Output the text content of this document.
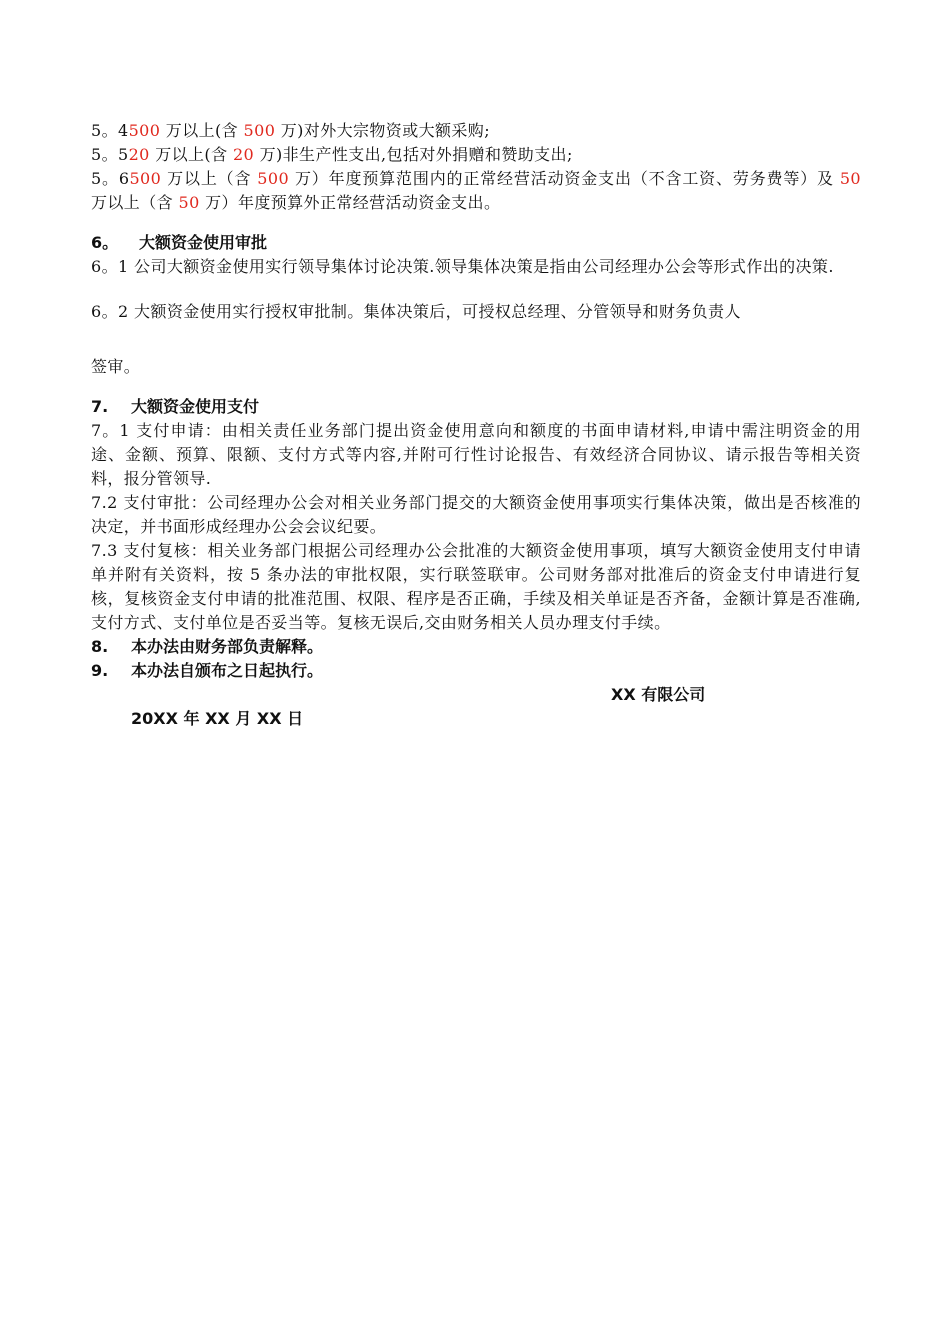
5。4500 万以上(含 500 万)对外大宗物资或大额采购;

5。520 万以上(含 20 万)非生产性支出,包括对外捐赠和赞助支出;

5。6500 万以上（含 500 万）年度预算范围内的正常经营活动资金支出（不含工资、劳务费等）及 50 万以上（含 50 万）年度预算外正常经营活动资金支出。

6。 大额资金使用审批

6。1 公司大额资金使用实行领导集体讨论决策.领导集体决策是指由公司经理办公会等形式作出的决策.

6。2 大额资金使用实行授权审批制。集体决策后，可授权总经理、分管领导和财务负责人

签审。

7. 大额资金使用支付

7。1 支付申请：由相关责任业务部门提出资金使用意向和额度的书面申请材料,申请中需注明资金的用途、金额、预算、限额、支付方式等内容,并附可行性讨论报告、有效经济合同协议、请示报告等相关资料，报分管领导.

7.2 支付审批：公司经理办公会对相关业务部门提交的大额资金使用事项实行集体决策，做出是否核准的决定，并书面形成经理办公会会议纪要。

7.3 支付复核：相关业务部门根据公司经理办公会批准的大额资金使用事项，填写大额资金使用支付申请单并附有关资料，按 5 条办法的审批权限，实行联签联审。公司财务部对批准后的资金支付申请进行复核，复核资金支付申请的批准范围、权限、程序是否正确，手续及相关单证是否齐备，金额计算是否准确,支付方式、支付单位是否妥当等。复核无误后,交由财务相关人员办理支付手续。

8. 本办法由财务部负责解释。

9. 本办法自颁布之日起执行。

XX 有限公司

20XX 年 XX 月 XX 日
